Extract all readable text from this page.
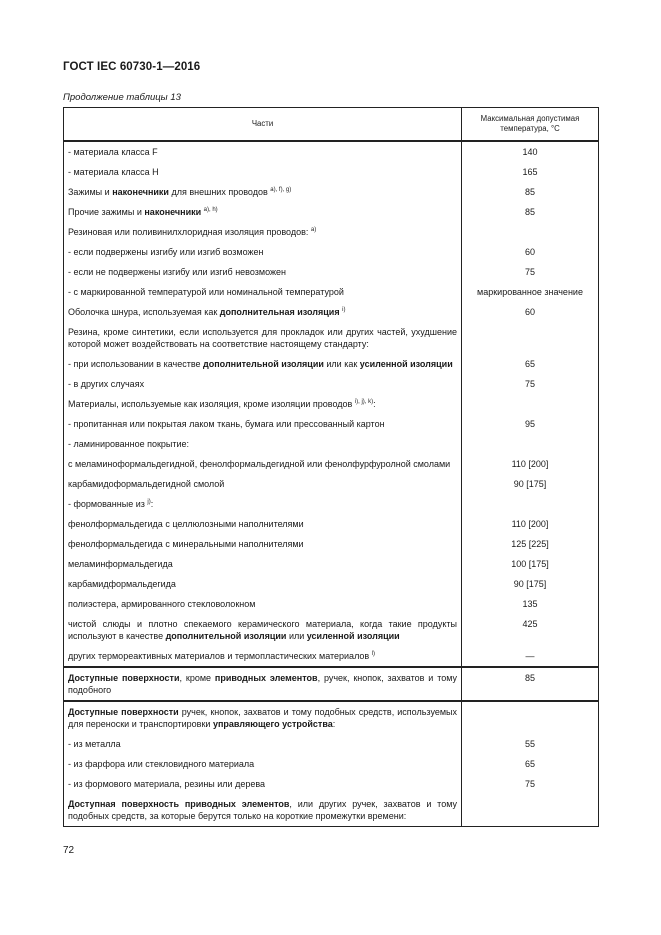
ГОСТ IEC 60730-1—2016
Продолжение таблицы 13
Части	Максимальная допустимая
температура, °С
- материала класса F	140
- материала класса H	165
Зажимы и наконечники для внешних проводов $^{a), f), g)}$	85
Прочие зажимы и наконечники $^{a), h)}$	85
Резиновая или поливинилхлоридная изоляция проводов: $^{a)}$	
- если подвержены изгибу или изгиб возможен	60
- если не подвержены изгибу или изгиб невозможен	75
- с маркированной температурой или номинальной температурой	маркированное значение
Оболочка шнура, используемая как дополнительная изоляция $^{i)}$	60
Резина, кроме синтетики, если используется для прокладок или других частей, ухудшение которой может воздействовать на соответствие настоящему стандарту:	
- при использовании в качестве дополнительной изоляции или как усиленной изоляции	65
- в других случаях	75
Материалы, используемые как изоляция, кроме изоляции проводов $^{i), j), k)}$:	
- пропитанная или покрытая лаком ткань, бумага или прессованный картон	95
- ламинированное покрытие:	
с меламиноформальдегидной, фенолформальдегидной или фенолфурфуролной смолами	110 [200]
карбамидоформальдегидной смолой	90 [175]
- формованные из $^{j)}$:	
фенолформальдегида с целлюлозными наполнителями	110 [200]
фенолформальдегида с минеральными наполнителями	125 [225]
меламинформальдегида	100 [175]
карбамидформальдегида	90 [175]
полиэстера, армированного стекловолокном	135
чистой слюды и плотно спекаемого керамического материала, когда такие продукты используют в качестве дополнительной изоляции или усиленной изоляции	425
других термореактивных материалов и термопластических материалов $^{l)}$	—
Доступные поверхности, кроме приводных элементов, ручек, кнопок, захватов и тому подобного	85
Доступные поверхности ручек, кнопок, захватов и тому подобных средств, используемых для переноски и транспортировки управляющего устройства:	
- из металла	55
- из фарфора или стекловидного материала	65
- из формового материала, резины или дерева	75
Доступная поверхность приводных элементов, или других ручек, захватов и тому подобных средств, за которые берутся только на короткие промежутки времени:	
72
